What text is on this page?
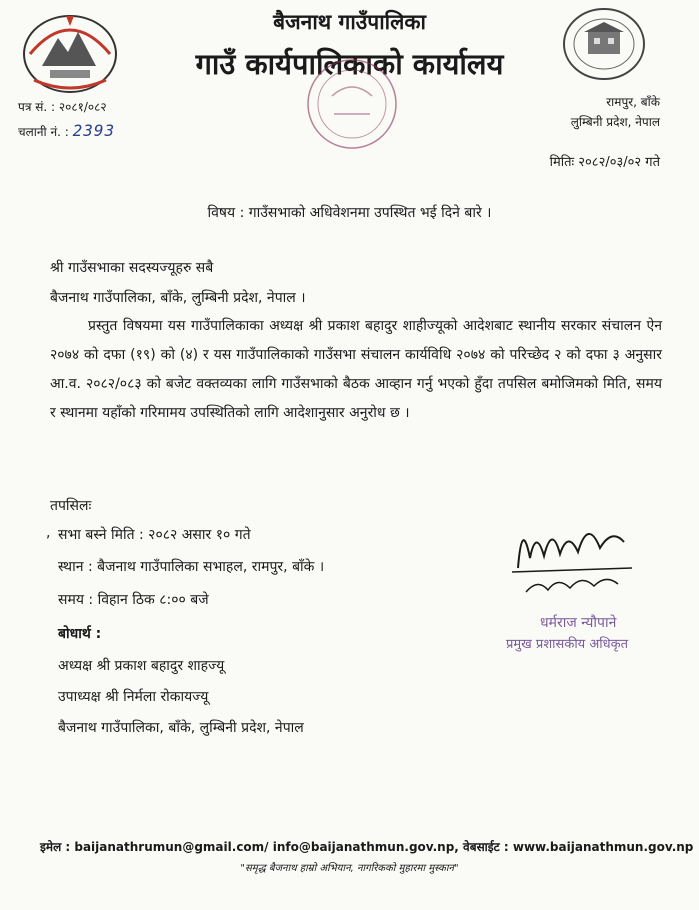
बैजनाथ गाउँपालिका
गाउँ कार्यपालिकाको कार्यालय
पत्र सं. : २०८१/०८२
चलानी नं. : 2393
रामपुर, बाँके
लुम्बिनी प्रदेश, नेपाल
मितिः २०८२/०३/०२ गते
विषय : गाउँसभाको अधिवेशनमा उपस्थित भई दिने बारे ।
श्री गाउँसभाका सदस्यज्यूहरु सबै
बैजनाथ गाउँपालिका, बाँके, लुम्बिनी प्रदेश, नेपाल ।
प्रस्तुत विषयमा यस गाउँपालिकाका अध्यक्ष श्री प्रकाश बहादुर शाहीज्यूको आदेशबाट स्थानीय सरकार संचालन ऐन २०७४ को दफा (१९) को (४) र यस गाउँपालिकाको गाउँसभा संचालन कार्यविधि २०७४ को परिच्छेद २ को दफा ३ अनुसार आ.व. २०८२/०८३ को बजेट वक्तव्यका लागि गाउँसभाको बैठक आव्हान गर्नु भएको हुँदा तपसिल बमोजिमको मिति, समय र स्थानमा यहाँको गरिमामय उपस्थितिको लागि आदेशानुसार अनुरोध छ ।
तपसिलः
, सभा बस्ने मिति : २०८२ असार १० गते
स्थान : बैजनाथ गाउँपालिका सभाहल, रामपुर, बाँके ।
समय : विहान ठिक ८:०० बजे
बोधार्थ :
अध्यक्ष श्री प्रकाश बहादुर शाहज्यू
उपाध्यक्ष श्री निर्मला रोकायज्यू
बैजनाथ गाउँपालिका, बाँके, लुम्बिनी प्रदेश, नेपाल
धर्मराज न्यौपाने
प्रमुख प्रशासकीय अधिकृत
इमेल : baijanathrumun@gmail.com/ info@baijanathmun.gov.np, वेबसाईट : www.baijanathmun.gov.np
"समृद्ध बैजनाथ हाम्रो अभियान, नागरिकको मुहारमा मुस्कान"
